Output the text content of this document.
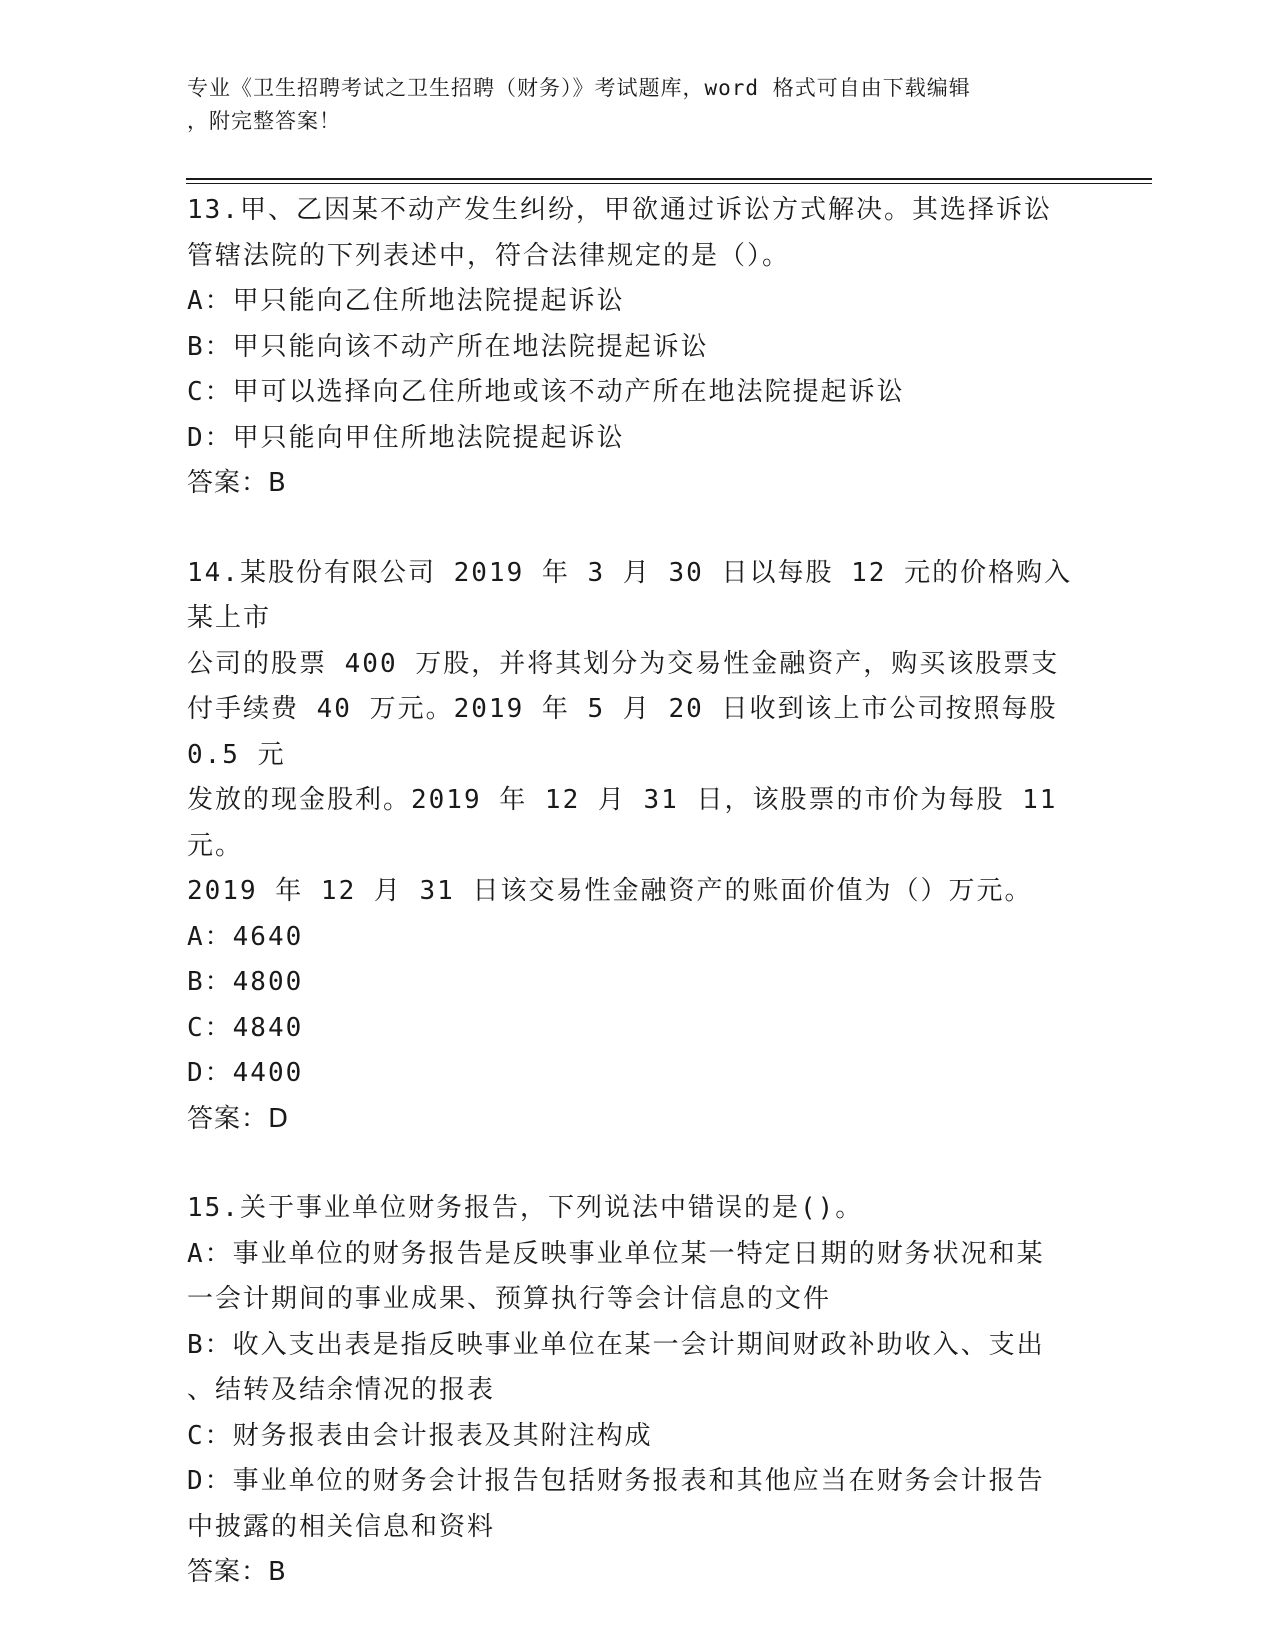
专业《卫生招聘考试之卫生招聘（财务）》考试题库，word 格式可自由下载编辑
，附完整答案！
13.甲、乙因某不动产发生纠纷，甲欲通过诉讼方式解决。其选择诉讼
管辖法院的下列表述中，符合法律规定的是（）。
A：甲只能向乙住所地法院提起诉讼
B：甲只能向该不动产所在地法院提起诉讼
C：甲可以选择向乙住所地或该不动产所在地法院提起诉讼
D：甲只能向甲住所地法院提起诉讼
答案：B
14.某股份有限公司 2019 年 3 月 30 日以每股 12 元的价格购入某上市
公司的股票 400 万股，并将其划分为交易性金融资产，购买该股票支
付手续费 40 万元。2019 年 5 月 20 日收到该上市公司按照每股 0.5 元
发放的现金股利。2019 年 12 月 31 日，该股票的市价为每股 11 元。
2019 年 12 月 31 日该交易性金融资产的账面价值为（）万元。
A：4640
B：4800
C：4840
D：4400
答案：D
15.关于事业单位财务报告，下列说法中错误的是()。
A：事业单位的财务报告是反映事业单位某一特定日期的财务状况和某
一会计期间的事业成果、预算执行等会计信息的文件
B：收入支出表是指反映事业单位在某一会计期间财政补助收入、支出
、结转及结余情况的报表
C：财务报表由会计报表及其附注构成
D：事业单位的财务会计报告包括财务报表和其他应当在财务会计报告
中披露的相关信息和资料
答案：B
